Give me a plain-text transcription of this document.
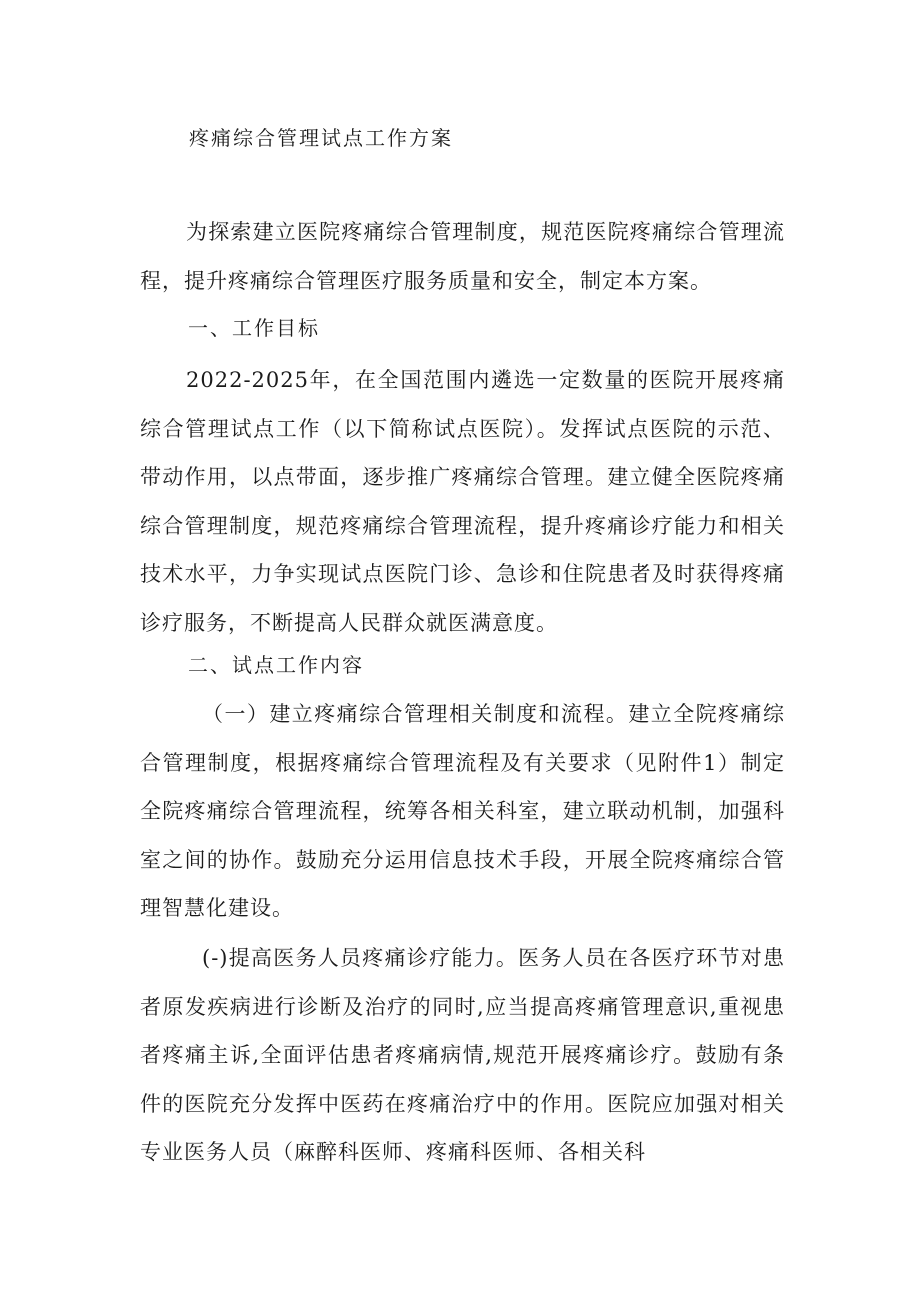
疼痛综合管理试点工作方案

为探索建立医院疼痛综合管理制度，规范医院疼痛综合管理流程，提升疼痛综合管理医疗服务质量和安全，制定本方案。

一、工作目标

2022-2025年，在全国范围内遴选一定数量的医院开展疼痛综合管理试点工作（以下简称试点医院）。发挥试点医院的示范、带动作用，以点带面，逐步推广疼痛综合管理。建立健全医院疼痛综合管理制度，规范疼痛综合管理流程，提升疼痛诊疗能力和相关技术水平，力争实现试点医院门诊、急诊和住院患者及时获得疼痛诊疗服务，不断提高人民群众就医满意度。

二、试点工作内容

（一）建立疼痛综合管理相关制度和流程。建立全院疼痛综合管理制度，根据疼痛综合管理流程及有关要求（见附件1）制定全院疼痛综合管理流程，统筹各相关科室，建立联动机制，加强科室之间的协作。鼓励充分运用信息技术手段，开展全院疼痛综合管理智慧化建设。

(-)提高医务人员疼痛诊疗能力。医务人员在各医疗环节对患者原发疾病进行诊断及治疗的同时,应当提高疼痛管理意识,重视患者疼痛主诉,全面评估患者疼痛病情,规范开展疼痛诊疗。鼓励有条件的医院充分发挥中医药在疼痛治疗中的作用。医院应加强对相关专业医务人员（麻醉科医师、疼痛科医师、各相关科
